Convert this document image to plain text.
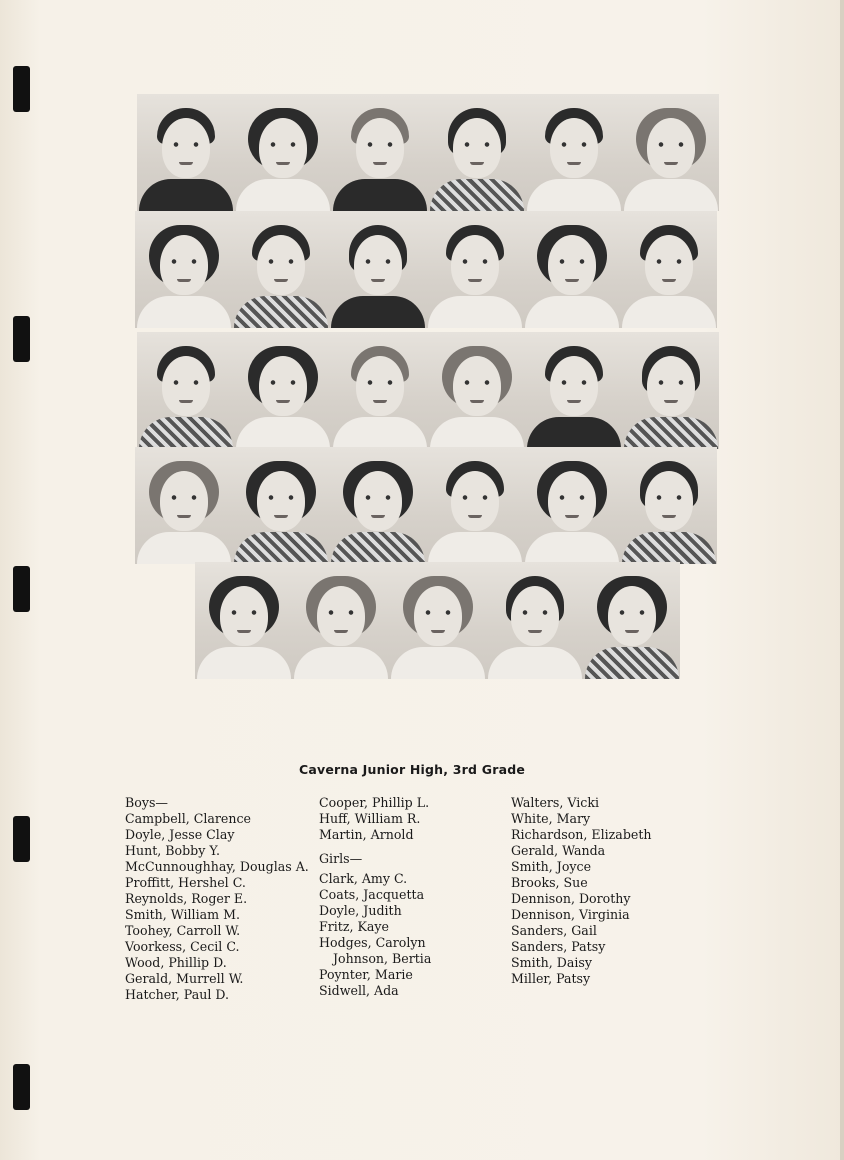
Caverna Junior High, 3rd Grade
Boys—
Campbell, Clarence
Doyle, Jesse Clay
Hunt, Bobby Y.
McCunnoughhay, Douglas A.
Proffitt, Hershel C.
Reynolds, Roger E.
Smith, William M.
Toohey, Carroll W.
Voorkess, Cecil C.
Wood, Phillip D.
Gerald, Murrell W.
Hatcher, Paul D.
Cooper, Phillip L.
Huff, William R.
Martin, Arnold
Girls—
Clark, Amy C.
Coats, Jacquetta
Doyle, Judith
Fritz, Kaye
Hodges, Carolyn
Johnson, Bertia
Poynter, Marie
Sidwell, Ada
Walters, Vicki
White, Mary
Richardson, Elizabeth
Gerald, Wanda
Smith, Joyce
Brooks, Sue
Dennison, Dorothy
Dennison, Virginia
Sanders, Gail
Sanders, Patsy
Smith, Daisy
Miller, Patsy
